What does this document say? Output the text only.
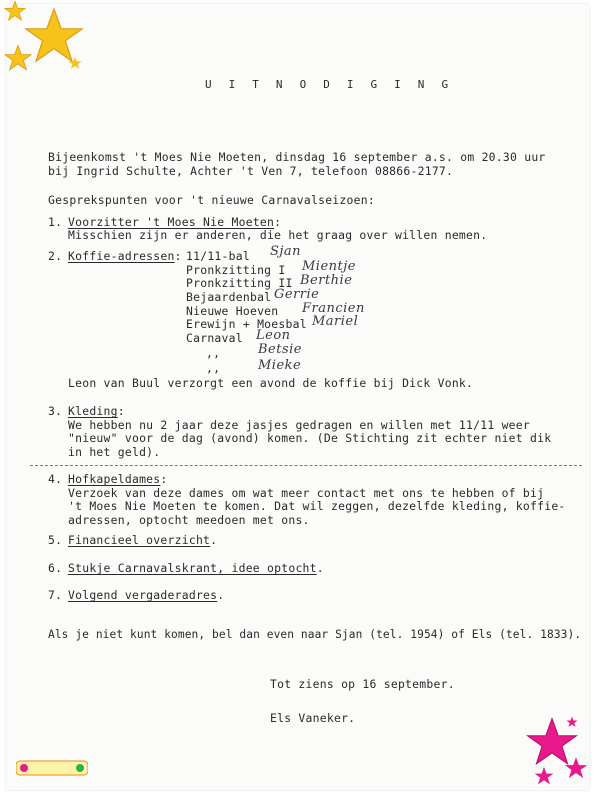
U I T N O D I G I N G
Bijeenkomst 't Moes Nie Moeten, dinsdag 16 september a.s. om 20.30 uur
bij Ingrid Schulte, Achter 't Ven 7, telefoon 08866-2177.
Gesprekspunten voor 't nieuwe Carnavalseizoen:
1. Voorzitter 't Moes Nie Moeten:
Misschien zijn er anderen, die het graag over willen nemen.
2. Koffie-adressen: 11/11-bal
Pronkzitting I
Pronkzitting II
Bejaardenbal
Nieuwe Hoeven
Erewijn + Moesbal
Carnaval
,,
,,
Sjan
Mientje
Berthie
Gerrie
Francien
Mariel
Leon
Betsie
Mieke
Leon van Buul verzorgt een avond de koffie bij Dick Vonk.
3. Kleding:
We hebben nu 2 jaar deze jasjes gedragen en willen met 11/11 weer
"nieuw" voor de dag (avond) komen. (De Stichting zit echter niet dik
in het geld).
4. Hofkapeldames:
Verzoek van deze dames om wat meer contact met ons te hebben of bij
't Moes Nie Moeten te komen. Dat wil zeggen, dezelfde kleding, koffie-
adressen, optocht meedoen met ons.
5. Financieel overzicht.
6. Stukje Carnavalskrant, idee optocht.
7. Volgend vergaderadres.
Als je niet kunt komen, bel dan even naar Sjan (tel. 1954) of Els (tel. 1833).
Tot ziens op 16 september.
Els Vaneker.
